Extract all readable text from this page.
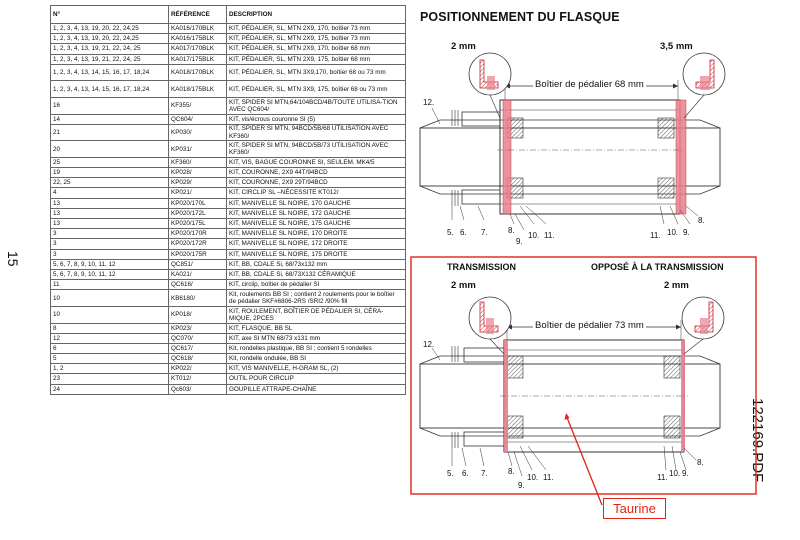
N°	RÉFÉRENCE	DESCRIPTION
1, 2, 3, 4, 13, 19, 20, 22, 24,25	KA016/170BLK	KIT, PÉDALIER, SL, MTN 2X9, 170, boîtier 73 mm
1, 2, 3, 4, 13, 19, 20, 22, 24,25	KA016/175BLK	KIT, PÉDALIER, SL, MTN 2X9, 175, boîtier 73 mm
1, 2, 3, 4, 13, 19, 21, 22, 24, 25	KA017/170BLK	KIT, PÉDALIER, SL, MTN 2X9, 170, boîtier 68 mm
1, 2, 3, 4, 13, 19, 21, 22, 24, 25	KA017/175BLK	KIT, PÉDALIER, SL, MTN 2X9, 175, boîtier 68 mm
1, 2, 3, 4, 13, 14, 15, 16, 17, 18,24	KA018/170BLK	KIT, PÉDALIER, SL, MTN 3X9,170, boîtier 68 ou 73 mm
1, 2, 3, 4, 13, 14, 15, 16, 17, 18,24	KA018/175BLK	KIT, PÉDALIER, SL, MTN 3X9, 175, boîtier 68 ou 73 mm
16	KF355/	KIT, SPIDER SI MTN,64/104BCD/4B/TOUTE UTILISA-TION AVEC QC604/
14	QC604/	KIT, vis/écrous couronne SI (5)
21	KP030/	KIT, SPIDER SI MTN, 94BCD/5B/68 UTILISATION AVEC KF360/
20	KP031/	KIT, SPIDER SI MTN, 94BCD/5B/73 UTILISATION AVEC KF360/
25	KF360/	KIT, VIS, BAGUE COURONNE SI, SEULEM. MK4/5
19	KP028/	KIT, COURONNE, 2X9 44T/94BCD
22, 25	KP029/	KIT, COURONNE, 2X9 29T/94BCD
4	KP021/	KIT, CIRCLIP SL –NÉCESSITE KT012/
13	KP020/170L	KIT, MANIVELLE SL NOIRE, 170 GAUCHE
13	KP020/172L	KIT, MANIVELLE SL NOIRE, 172 GAUCHE
13	KP020/175L	KIT, MANIVELLE SL NOIRE, 175 GAUCHE
3	KP020/170R	KIT, MANIVELLE SL NOIRE, 170 DROITE
3	KP020/172R	KIT, MANIVELLE SL NOIRE, 172 DROITE
3	KP020/175R	KIT, MANIVELLE SL NOIRE, 175 DROITE
5, 6, 7, 8, 9, 10, 11, 12	QC851/	KIT, BB, CDALE Si, 68/73x132 mm
5, 6, 7, 8, 9, 10, 11, 12	KA021/	KIT, BB, CDALE Si, 68/73X132 CÉRAMIQUE
11	QC616/	KIT, circlip, boîtier de pédalier SI
10	KB6180/	Kit, roulements BB SI ; contient 2 roulements pour le boîtier de pédalier SKF#6806-2RS /SRI2 /90% fill
10	KP018/	KIT, ROULEMENT, BOÎTIER DE PÉDALIER SI, CÉRA-MIQUE, 2PCES
8	KP023/	KIT, FLASQUE, BB SL
12	QC070/	KIT, axe SI MTN 68/73 x131 mm
6	QC617/	Kit, rondelles plastique, BB SI ; contient 5 rondelles
5	QC618/	Kit, rondelle ondulée, BB SI
1, 2	KP022/	KIT, VIS MANIVELLE, H-GRAM SL, (2)
23	KT012/	OUTIL POUR CIRCLIP
24	Qc603/	GOUPILLE ATTRAPE-CHAÎNE
15
122169.PDF
POSITIONNEMENT DU FLASQUE
2 mm	3,5 mm
Boîtier de pédalier 68 mm
12.
5. 6. 7.	8.
9.
10. 11.	11. 10. 9.
8.
TRANSMISSION	OPPOSÉ À LA TRANSMISSION
2 mm	2 mm
Boîtier de pédalier 73 mm
12.
5. 6. 7.	8.
9.
10. 11.	11. 10. 9.
8.
Taurine
